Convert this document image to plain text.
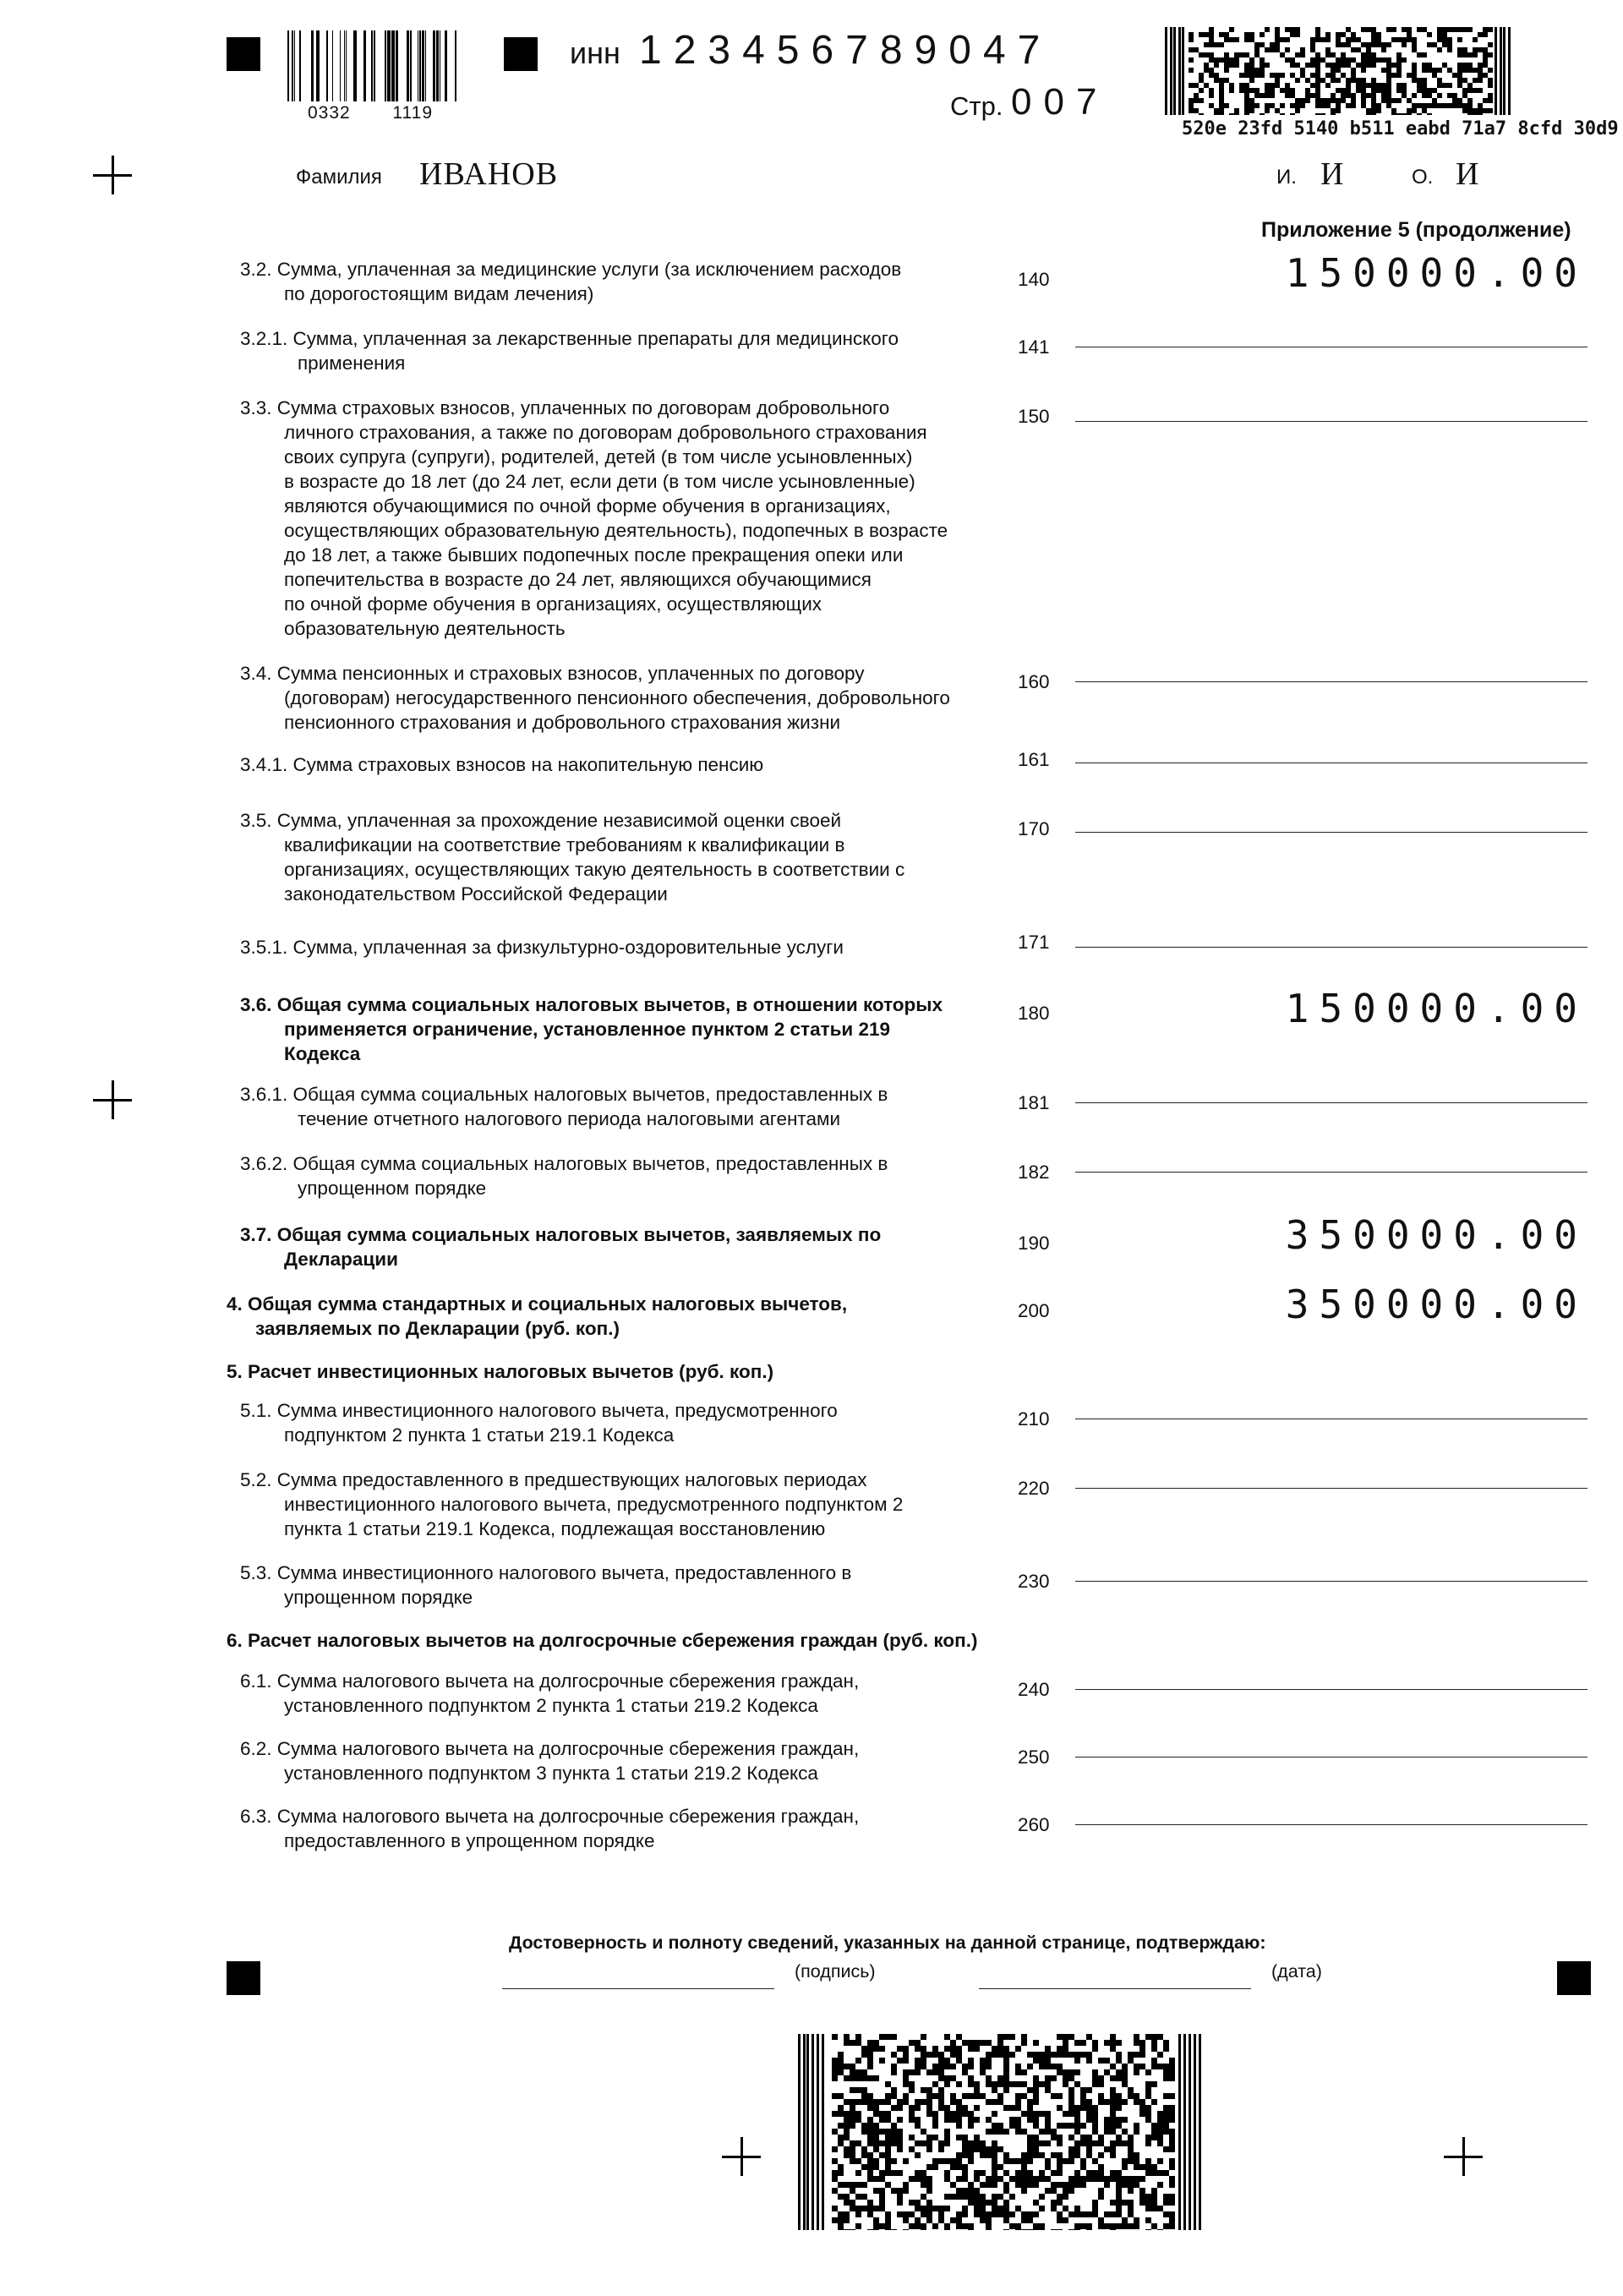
0332 1119
инн 123456789047
Стр. 007
520e 23fd 5140 b511 eabd 71a7 8cfd 30d9
Фамилия ИВАНОВ	И. И	О. И
Приложение 5 (продолжение)
3.2. Сумма, уплаченная за медицинские услуги (за исключением расходов
по дорогостоящим видам лечения)
140	150000.00
3.2.1. Сумма, уплаченная за лекарственные препараты для медицинского
применения
141
3.3. Сумма страховых взносов, уплаченных по договорам добровольного
личного страхования, а также по договорам добровольного страхования
своих супруга (супруги), родителей, детей (в том числе усыновленных)
в возрасте до 18 лет (до 24 лет, если дети (в том числе усыновленные)
являются обучающимися по очной форме обучения в организациях,
осуществляющих образовательную деятельность), подопечных в возрасте
до 18 лет, а также бывших подопечных после прекращения опеки или
попечительства в возрасте до 24 лет, являющихся обучающимися
по очной форме обучения в организациях, осуществляющих
образовательную деятельность
150
3.4. Сумма пенсионных и страховых взносов, уплаченных по договору
(договорам) негосударственного пенсионного обеспечения, добровольного
пенсионного страхования и добровольного страхования жизни
160
3.4.1. Сумма страховых взносов на накопительную пенсию	161
3.5. Сумма, уплаченная за прохождение независимой оценки своей
квалификации на соответствие требованиям к квалификации в
организациях, осуществляющих такую деятельность в соответствии с
законодательством Российской Федерации
170
3.5.1. Сумма, уплаченная за физкультурно-оздоровительные услуги	171
3.6. Общая сумма социальных налоговых вычетов, в отношении которых
применяется ограничение, установленное пунктом 2 статьи 219
Кодекса
180	150000.00
3.6.1. Общая сумма социальных налоговых вычетов, предоставленных в
течение отчетного налогового периода налоговыми агентами
181
3.6.2. Общая сумма социальных налоговых вычетов, предоставленных в
упрощенном порядке
182
3.7. Общая сумма социальных налоговых вычетов, заявляемых по
Декларации
190	350000.00
4. Общая сумма стандартных и социальных налоговых вычетов,
заявляемых по Декларации (руб. коп.)
200	350000.00
5.1. Сумма инвестиционного налогового вычета, предусмотренного
подпунктом 2 пункта 1 статьи 219.1 Кодекса
210
5.2. Сумма предоставленного в предшествующих налоговых периодах
инвестиционного налогового вычета, предусмотренного подпунктом 2
пункта 1 статьи 219.1 Кодекса, подлежащая восстановлению
220
5.3. Сумма инвестиционного налогового вычета, предоставленного в
упрощенном порядке
230
6.1. Сумма налогового вычета на долгосрочные сбережения граждан,
установленного подпунктом 2 пункта 1 статьи 219.2 Кодекса
240
6.2. Сумма налогового вычета на долгосрочные сбережения граждан,
установленного подпунктом 3 пункта 1 статьи 219.2 Кодекса
250
6.3. Сумма налогового вычета на долгосрочные сбережения граждан,
предоставленного в упрощенном порядке
260
5. Расчет инвестиционных налоговых вычетов (руб. коп.)
6. Расчет налоговых вычетов на долгосрочные сбережения граждан (руб. коп.)
Достоверность и полноту сведений, указанных на данной странице, подтверждаю:
(подпись)	(дата)
